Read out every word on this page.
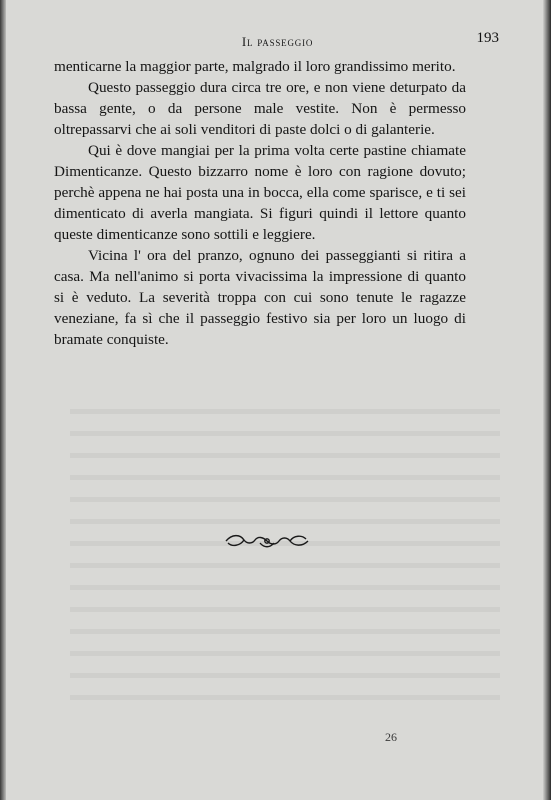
Il passeggio	193

menticarne la maggior parte, malgrado il loro grandissimo merito.

Questo passeggio dura circa tre ore, e non viene deturpato da bassa gente, o da persone male vestite. Non è permesso oltrepassarvi che ai soli venditori di paste dolci o di galanterie.

Qui è dove mangiai per la prima volta certe pastine chiamate Dimenticanze. Questo bizzarro nome è loro con ragione dovuto; perchè appena ne hai posta una in bocca, ella come sparisce, e ti sei dimenticato di averla mangiata. Si figuri quindi il lettore quanto queste dimenticanze sono sottili e leggiere.

Vicina l' ora del pranzo, ognuno dei passeggianti si ritira a casa. Ma nell'animo si porta vivacissima la impressione di quanto si è veduto. La severità troppa con cui sono tenute le ragazze veneziane, fa sì che il passeggio festivo sia per loro un luogo di bramate conquiste.

26
